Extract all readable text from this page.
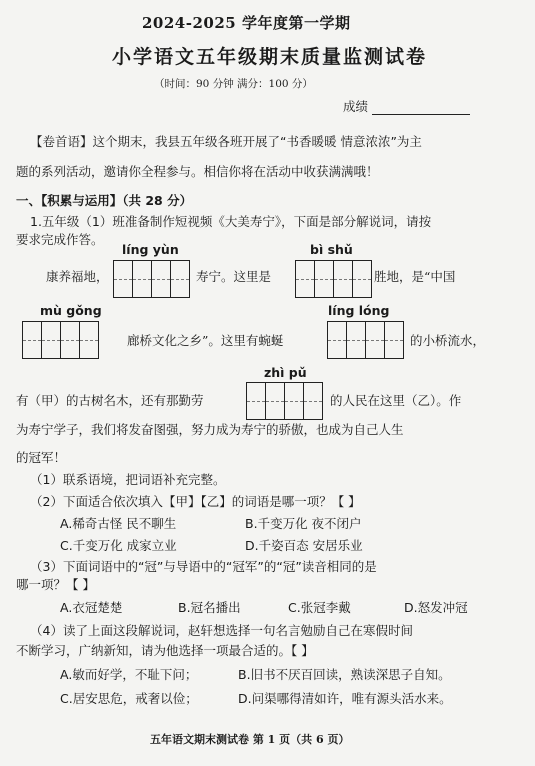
2024-2025 学年度第一学期
小学语文五年级期末质量监测试卷
（时间：90 分钟 满分：100 分）
成绩
【卷首语】这个期末，我县五年级各班开展了“书香暖暖 情意浓浓”为主
题的系列活动，邀请你全程参与。相信你将在活动中收获满满哦！
一、【积累与运用】（共 28 分）
1.五年级（1）班准备制作短视频《大美寿宁》，下面是部分解说词，请按
要求完成作答。
líng yùn	bì shǔ
康养福地，	寿宁。这里是	胜地，是“中国
mù gǒng	líng lóng
廊桥文化之乡”。这里有蜿蜒	的小桥流水，
zhì pǔ
有（甲）的古树名木，还有那勤劳	的人民在这里（乙）。作
为寿宁学子，我们将发奋图强，努力成为寿宁的骄傲，也成为自己人生
的冠军！
（1）联系语境，把词语补充完整。
（2）下面适合依次填入【甲】【乙】的词语是哪一项？【 】
A.稀奇古怪 民不聊生	B.千变万化 夜不闭户
C.千变万化 成家立业	D.千姿百态 安居乐业
（3）下面词语中的“冠”与导语中的“冠军”的“冠”读音相同的是
哪一项？【 】
A.衣冠楚楚	B.冠名播出	C.张冠李戴	D.怒发冲冠
（4）读了上面这段解说词，赵轩想选择一句名言勉励自己在寒假时间
不断学习，广纳新知，请为他选择一项最合适的。【 】
A.敏而好学，不耻下问；	B.旧书不厌百回读，熟读深思子自知。
C.居安思危，戒奢以俭；	D.问渠哪得清如许，唯有源头活水来。
五年语文期末测试卷 第 1 页（共 6 页）
